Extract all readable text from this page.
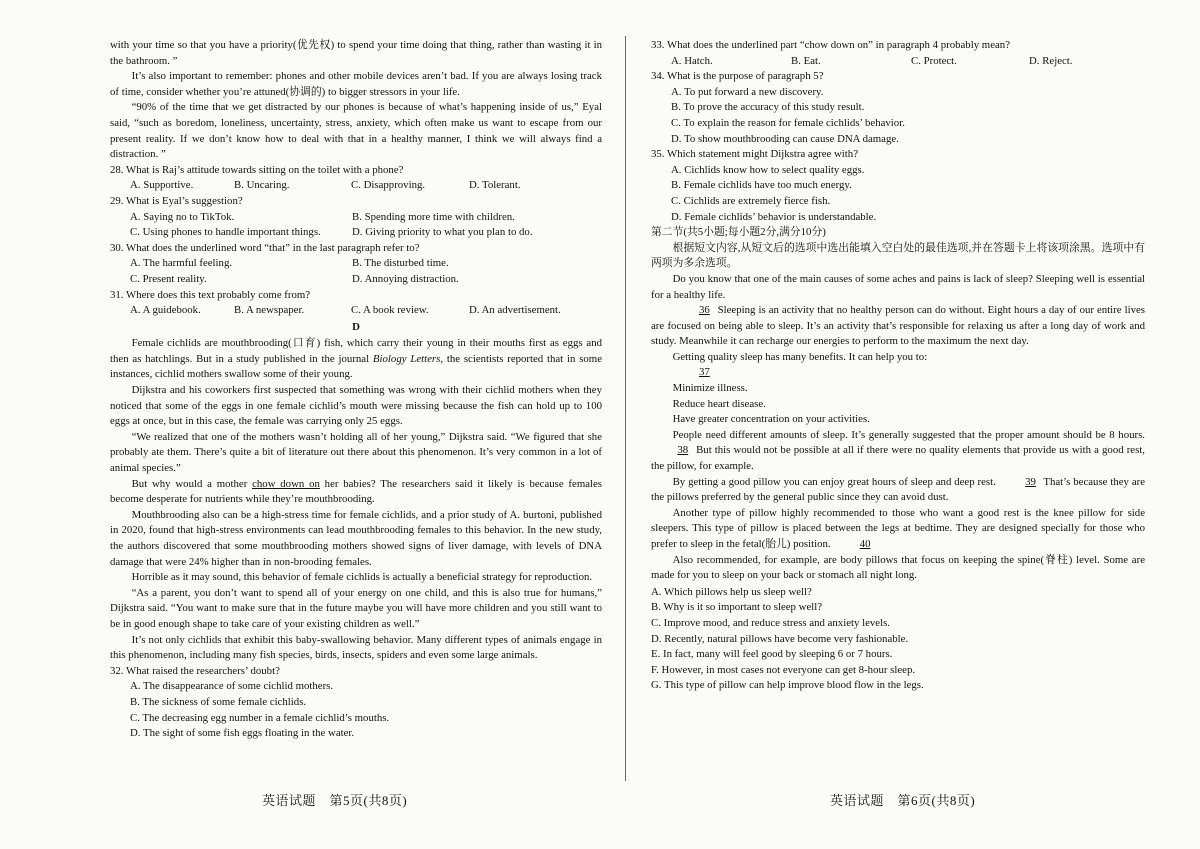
with your time so that you have a priority(优先权) to spend your time doing that thing, rather than wasting it in the bathroom. ”

It’s also important to remember: phones and other mobile devices aren’t bad. If you are always losing track of time, consider whether you’re attuned(协调的) to bigger stressors in your life.

“90% of the time that we get distracted by our phones is because of what’s happening inside of us,” Eyal said, “such as boredom, loneliness, uncertainty, stress, anxiety, which often make us want to escape from our present reality. If we don’t know how to deal with that in a healthy manner, I think we will always find a distraction. ”

28. What is Raj’s attitude towards sitting on the toilet with a phone?
A. Supportive.	B. Uncaring.	C. Disapproving.	D. Tolerant.
29. What is Eyal’s suggestion?
A. Saying no to TikTok.	B. Spending more time with children.
C. Using phones to handle important things.	D. Giving priority to what you plan to do.
30. What does the underlined word “that” in the last paragraph refer to?
A. The harmful feeling.	B. The disturbed time.
C. Present reality.	D. Annoying distraction.
31. Where does this text probably come from?
A. A guidebook.	B. A newspaper.	C. A book review.	D. An advertisement.
D

Female cichlids are mouthbrooding(口育) fish, which carry their young in their mouths first as eggs and then as hatchlings. But in a study published in the journal Biology Letters, the scientists reported that in some instances, cichlid mothers swallow some of their young.

Dijkstra and his coworkers first suspected that something was wrong with their cichlid mothers when they noticed that some of the eggs in one female cichlid’s mouth were missing because the fish can hold up to 100 eggs at once, but in this case, the female was carrying only 25 eggs.

“We realized that one of the mothers wasn’t holding all of her young,” Dijkstra said. “We figured that she probably ate them. There’s quite a bit of literature out there about this phenomenon. It’s very common in a lot of animal species.”

But why would a mother chow down on her babies? The researchers said it likely is because females become desperate for nutrients while they’re mouthbrooding.

Mouthbrooding also can be a high-stress time for female cichlids, and a prior study of A. burtoni, published in 2020, found that high-stress environments can lead mouthbrooding females to this behavior. In the new study, the authors discovered that some mouthbrooding mothers showed signs of liver damage, with levels of DNA damage that were 24% higher than in non-brooding females.

Horrible as it may sound, this behavior of female cichlids is actually a beneficial strategy for reproduction.

“As a parent, you don’t want to spend all of your energy on one child, and this is also true for humans,” Dijkstra said. “You want to make sure that in the future maybe you will have more children and you still want to be in good enough shape to take care of your existing children as well.”

It’s not only cichlids that exhibit this baby-swallowing behavior. Many different types of animals engage in this phenomenon, including many fish species, birds, insects, spiders and even some large animals.

32. What raised the researchers’ doubt?
A. The disappearance of some cichlid mothers.
B. The sickness of some female cichlids.
C. The decreasing egg number in a female cichlid’s mouths.
D. The sight of some fish eggs floating in the water.
33. What does the underlined part “chow down on” in paragraph 4 probably mean?
A. Hatch.	B. Eat.	C. Protect.	D. Reject.
34. What is the purpose of paragraph 5?
A. To put forward a new discovery.
B. To prove the accuracy of this study result.
C. To explain the reason for female cichlids’ behavior.
D. To show mouthbrooding can cause DNA damage.
35. Which statement might Dijkstra agree with?
A. Cichlids know how to select quality eggs.
B. Female cichlids have too much energy.
C. Cichlids are extremely fierce fish.
D. Female cichlids’ behavior is understandable.
第二节(共5小题;每小题2分,满分10分)

根据短文内容,从短文后的选项中选出能填入空白处的最佳选项,并在答题卡上将该项涂黑。选项中有两项为多余选项。

Do you know that one of the main causes of some aches and pains is lack of sleep? Sleeping well is essential for a healthy life.

36 Sleeping is an activity that no healthy person can do without. Eight hours a day of our entire lives are focused on being able to sleep. It’s an activity that’s responsible for relaxing us after a long day of work and study. Meanwhile it can recharge our energies to perform to the maximum the next day.

Getting quality sleep has many benefits. It can help you to:

37

Minimize illness.

Reduce heart disease.

Have greater concentration on your activities.

People need different amounts of sleep. It’s generally suggested that the proper amount should be 8 hours. 38 But this would not be possible at all if there were no quality elements that provide us with a good rest, the pillow, for example.

By getting a good pillow you can enjoy great hours of sleep and deep rest. 39 That’s because they are the pillows preferred by the general public since they can avoid dust.

Another type of pillow highly recommended to those who want a good rest is the knee pillow for side sleepers. This type of pillow is placed between the legs at bedtime. They are designed specially for those who prefer to sleep in the fetal(胎儿) position. 40

Also recommended, for example, are body pillows that focus on keeping the spine(脊柱) level. Some are made for you to sleep on your back or stomach all night long.

A. Which pillows help us sleep well?
B. Why is it so important to sleep well?
C. Improve mood, and reduce stress and anxiety levels.
D. Recently, natural pillows have become very fashionable.
E. In fact, many will feel good by sleeping 6 or 7 hours.
F. However, in most cases not everyone can get 8-hour sleep.
G. This type of pillow can help improve blood flow in the legs.
英语试题　第5页(共8页)	英语试题　第6页(共8页)
